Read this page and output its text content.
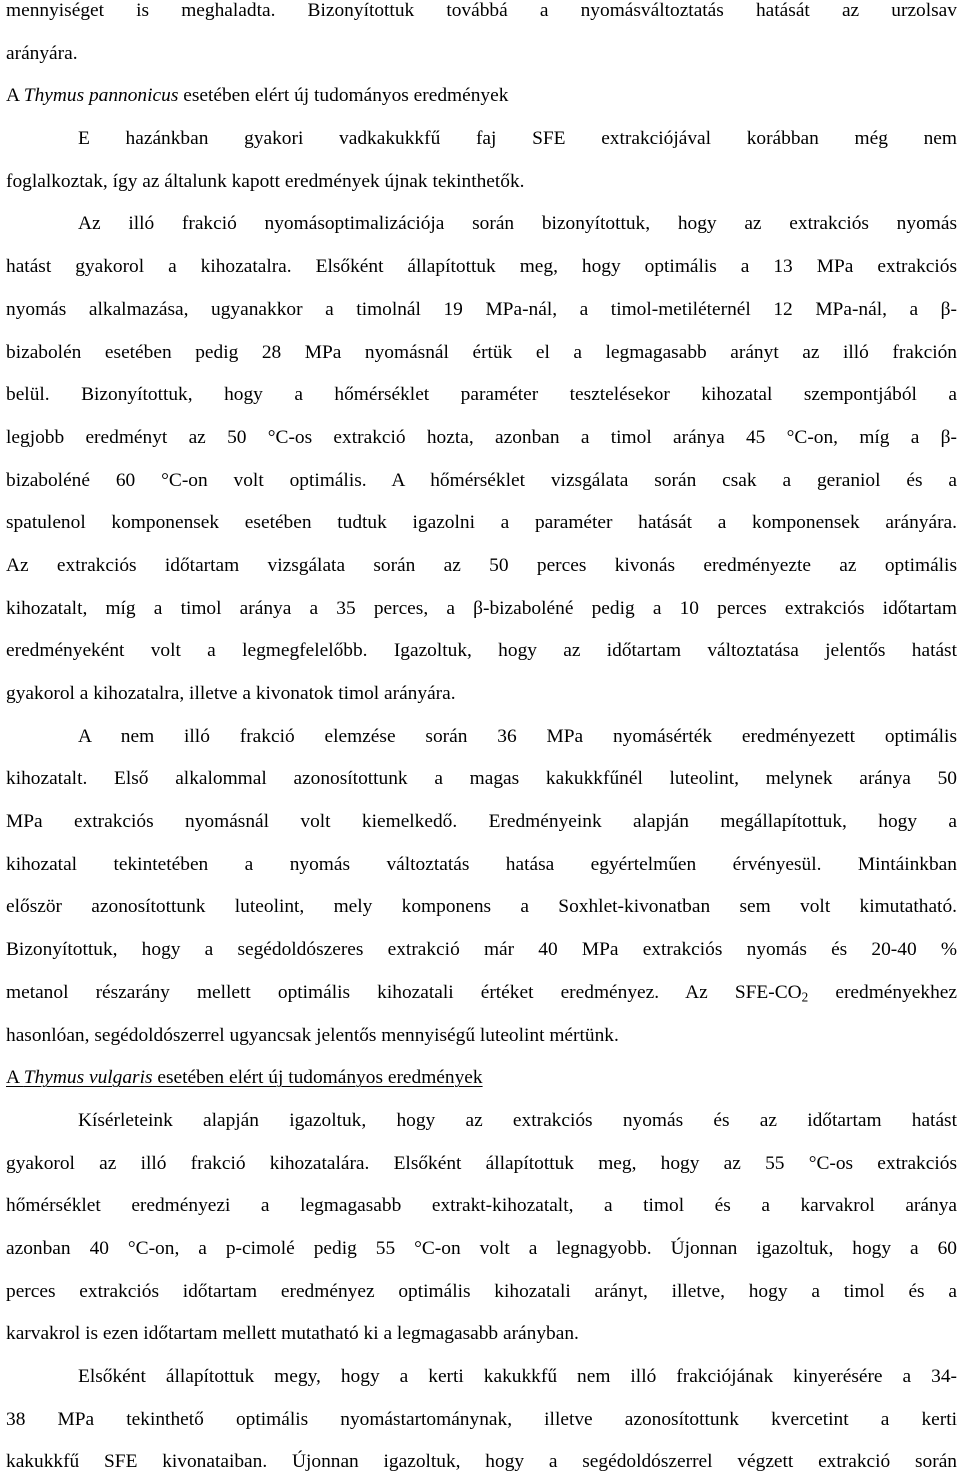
mennyiséget is meghaladta. Bizonyítottuk továbbá a nyomásváltoztatás hatását az urzolsav
arányára.
A Thymus pannonicus esetében elért új tudományos eredmények
E hazánkban gyakori vadkakukkfű faj SFE extrakciójával korábban még nem
foglalkoztak, így az általunk kapott eredmények újnak tekinthetők.
Az illó frakció nyomásoptimalizációja során bizonyítottuk, hogy az extrakciós nyomás
hatást gyakorol a kihozatalra. Elsőként állapítottuk meg, hogy optimális a 13 MPa extrakciós
nyomás alkalmazása, ugyanakkor a timolnál 19 MPa-nál, a timol-metiléternél 12 MPa-nál, a β-
bizabolén esetében pedig 28 MPa nyomásnál értük el a legmagasabb arányt az illó frakción
belül. Bizonyítottuk, hogy a hőmérséklet paraméter tesztelésekor kihozatal szempontjából a
legjobb eredményt az 50 °C-os extrakció hozta, azonban a timol aránya 45 °C-on, míg a β-
bizaboléné 60 °C-on volt optimális. A hőmérséklet vizsgálata során csak a geraniol és a
spatulenol komponensek esetében tudtuk igazolni a paraméter hatását a komponensek arányára.
Az extrakciós időtartam vizsgálata során az 50 perces kivonás eredményezte az optimális
kihozatalt, míg a timol aránya a 35 perces, a β-bizaboléné pedig a 10 perces extrakciós időtartam
eredményeként volt a legmegfelelőbb. Igazoltuk, hogy az időtartam változtatása jelentős hatást
gyakorol a kihozatalra, illetve a kivonatok timol arányára.
A nem illó frakció elemzése során 36 MPa nyomásérték eredményezett optimális
kihozatalt. Első alkalommal azonosítottunk a magas kakukkfűnél luteolint, melynek aránya 50
MPa extrakciós nyomásnál volt kiemelkedő. Eredményeink alapján megállapítottuk, hogy a
kihozatal tekintetében a nyomás változtatás hatása egyértelműen érvényesül. Mintáinkban
először azonosítottunk luteolint, mely komponens a Soxhlet-kivonatban sem volt kimutatható.
Bizonyítottuk, hogy a segédoldószeres extrakció már 40 MPa extrakciós nyomás és 20-40 %
metanol részarány mellett optimális kihozatali értéket eredményez. Az SFE-$CO_2$ eredményekhez
hasonlóan, segédoldószerrel ugyancsak jelentős mennyiségű luteolint mértünk.
A Thymus vulgaris esetében elért új tudományos eredmények
Kísérleteink alapján igazoltuk, hogy az extrakciós nyomás és az időtartam hatást
gyakorol az illó frakció kihozatalára. Elsőként állapítottuk meg, hogy az 55 °C-os extrakciós
hőmérséklet eredményezi a legmagasabb extrakt-kihozatalt, a timol és a karvakrol aránya
azonban 40 °C-on, a p-cimolé pedig 55 °C-on volt a legnagyobb. Újonnan igazoltuk, hogy a 60
perces extrakciós időtartam eredményez optimális kihozatali arányt, illetve, hogy a timol és a
karvakrol is ezen időtartam mellett mutatható ki a legmagasabb arányban.
Elsőként állapítottuk megy, hogy a kerti kakukkfű nem illó frakciójának kinyerésére a 34-
38 MPa tekinthető optimális nyomástartománynak, illetve azonosítottunk kvercetint a kerti
kakukkfű SFE kivonataiban. Újonnan igazoltuk, hogy a segédoldószerrel végzett extrakció során
